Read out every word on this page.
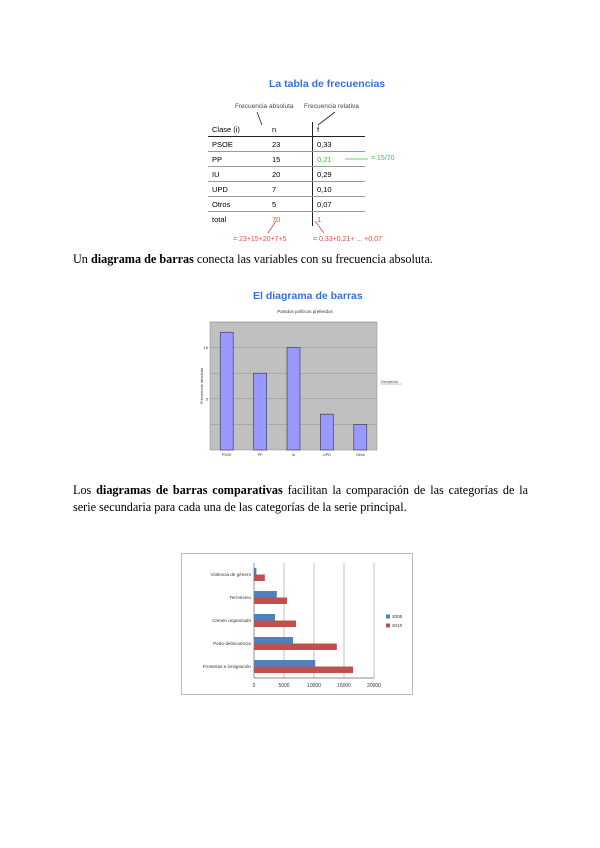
La tabla de frecuencias
Frecuencia absoluta Frecuencia relativa
Clase (i)	n	f
PSOE	23	0,33
PP	15	0,21
IU	20	0,29
UPD	7	0,10
Otros	5	0,07
total	70	1
= 15/70
= 23+15+20+7+5	= 0,33+0,21+ ... +0,07
Un diagrama de barras conecta las variables con su frecuencia absoluta.
El diagrama de barras
Partidos políticos preferidos
5
15
Frecuencia absoluta
PSOE	PP	IU	UPD	Otros
Frecuencia
Los diagramas de barras comparativas facilitan la comparación de las categorías de la serie secundaria para cada una de las categorías de la serie principal.
0	5000	10000	15000	20000
Violencia de género
Terrorismo
Crimen organizado
Pedo-delincuencia
Fronteras e inmigración
2005
2010
